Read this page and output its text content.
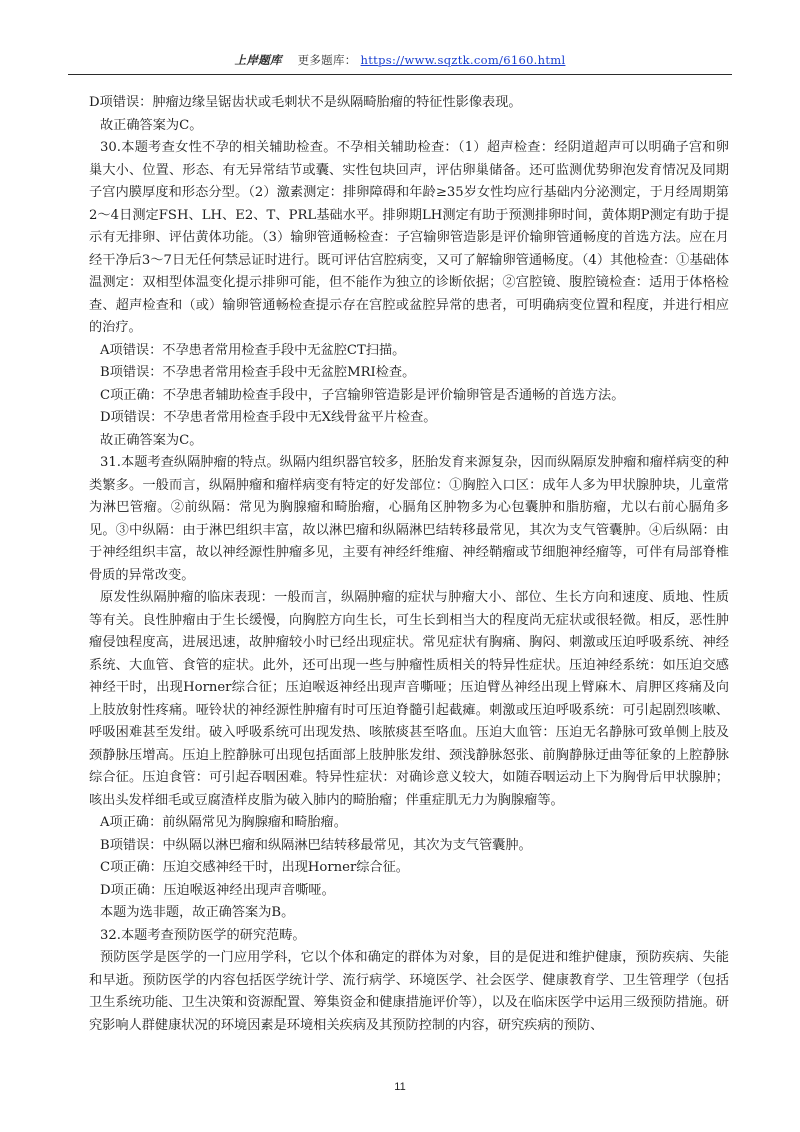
上岸题库 更多题库： https://www.sqztk.com/6160.html

D项错误：肿瘤边缘呈锯齿状或毛刺状不是纵隔畸胎瘤的特征性影像表现。

故正确答案为C。

30.本题考查女性不孕的相关辅助检查。不孕相关辅助检查：（1）超声检查：经阴道超声可以明确子宫和卵巢大小、位置、形态、有无异常结节或囊、实性包块回声，评估卵巢储备。还可监测优势卵泡发育情况及同期子宫内膜厚度和形态分型。（2）激素测定：排卵障碍和年龄≥35岁女性均应行基础内分泌测定，于月经周期第2～4日测定FSH、LH、E2、T、PRL基础水平。排卵期LH测定有助于预测排卵时间，黄体期P测定有助于提示有无排卵、评估黄体功能。（3）输卵管通畅检查：子宫输卵管造影是评价输卵管通畅度的首选方法。应在月经干净后3～7日无任何禁忌证时进行。既可评估宫腔病变，又可了解输卵管通畅度。（4）其他检查：①基础体温测定：双相型体温变化提示排卵可能，但不能作为独立的诊断依据；②宫腔镜、腹腔镜检查：适用于体格检查、超声检查和（或）输卵管通畅检查提示存在宫腔或盆腔异常的患者，可明确病变位置和程度，并进行相应的治疗。

A项错误：不孕患者常用检查手段中无盆腔CT扫描。

B项错误：不孕患者常用检查手段中无盆腔MRI检查。

C项正确：不孕患者辅助检查手段中，子宫输卵管造影是评价输卵管是否通畅的首选方法。

D项错误：不孕患者常用检查手段中无X线骨盆平片检查。

故正确答案为C。

31.本题考查纵隔肿瘤的特点。纵隔内组织器官较多，胚胎发育来源复杂，因而纵隔原发肿瘤和瘤样病变的种类繁多。一般而言，纵隔肿瘤和瘤样病变有特定的好发部位：①胸腔入口区：成年人多为甲状腺肿块，儿童常为淋巴管瘤。②前纵隔：常见为胸腺瘤和畸胎瘤，心膈角区肿物多为心包囊肿和脂肪瘤，尤以右前心膈角多见。③中纵隔：由于淋巴组织丰富，故以淋巴瘤和纵隔淋巴结转移最常见，其次为支气管囊肿。④后纵隔：由于神经组织丰富，故以神经源性肿瘤多见，主要有神经纤维瘤、神经鞘瘤或节细胞神经瘤等，可伴有局部脊椎骨质的异常改变。

原发性纵隔肿瘤的临床表现：一般而言，纵隔肿瘤的症状与肿瘤大小、部位、生长方向和速度、质地、性质等有关。良性肿瘤由于生长缓慢，向胸腔方向生长，可生长到相当大的程度尚无症状或很轻微。相反，恶性肿瘤侵蚀程度高，进展迅速，故肿瘤较小时已经出现症状。常见症状有胸痛、胸闷、刺激或压迫呼吸系统、神经系统、大血管、食管的症状。此外，还可出现一些与肿瘤性质相关的特异性症状。压迫神经系统：如压迫交感神经干时，出现Horner综合征；压迫喉返神经出现声音嘶哑；压迫臂丛神经出现上臂麻木、肩胛区疼痛及向上肢放射性疼痛。哑铃状的神经源性肿瘤有时可压迫脊髓引起截瘫。刺激或压迫呼吸系统：可引起剧烈咳嗽、呼吸困难甚至发绀。破入呼吸系统可出现发热、咳脓痰甚至咯血。压迫大血管：压迫无名静脉可致单侧上肢及颈静脉压增高。压迫上腔静脉可出现包括面部上肢肿胀发绀、颈浅静脉怒张、前胸静脉迂曲等征象的上腔静脉综合征。压迫食管：可引起吞咽困难。特异性症状：对确诊意义较大，如随吞咽运动上下为胸骨后甲状腺肿；咳出头发样细毛或豆腐渣样皮脂为破入肺内的畸胎瘤；伴重症肌无力为胸腺瘤等。

A项正确：前纵隔常见为胸腺瘤和畸胎瘤。

B项错误：中纵隔以淋巴瘤和纵隔淋巴结转移最常见，其次为支气管囊肿。

C项正确：压迫交感神经干时，出现Horner综合征。

D项正确：压迫喉返神经出现声音嘶哑。

本题为选非题，故正确答案为B。

32.本题考查预防医学的研究范畴。

预防医学是医学的一门应用学科，它以个体和确定的群体为对象，目的是促进和维护健康，预防疾病、失能和早逝。预防医学的内容包括医学统计学、流行病学、环境医学、社会医学、健康教育学、卫生管理学（包括卫生系统功能、卫生决策和资源配置、筹集资金和健康措施评价等），以及在临床医学中运用三级预防措施。研究影响人群健康状况的环境因素是环境相关疾病及其预防控制的内容，研究疾病的预防、

11
